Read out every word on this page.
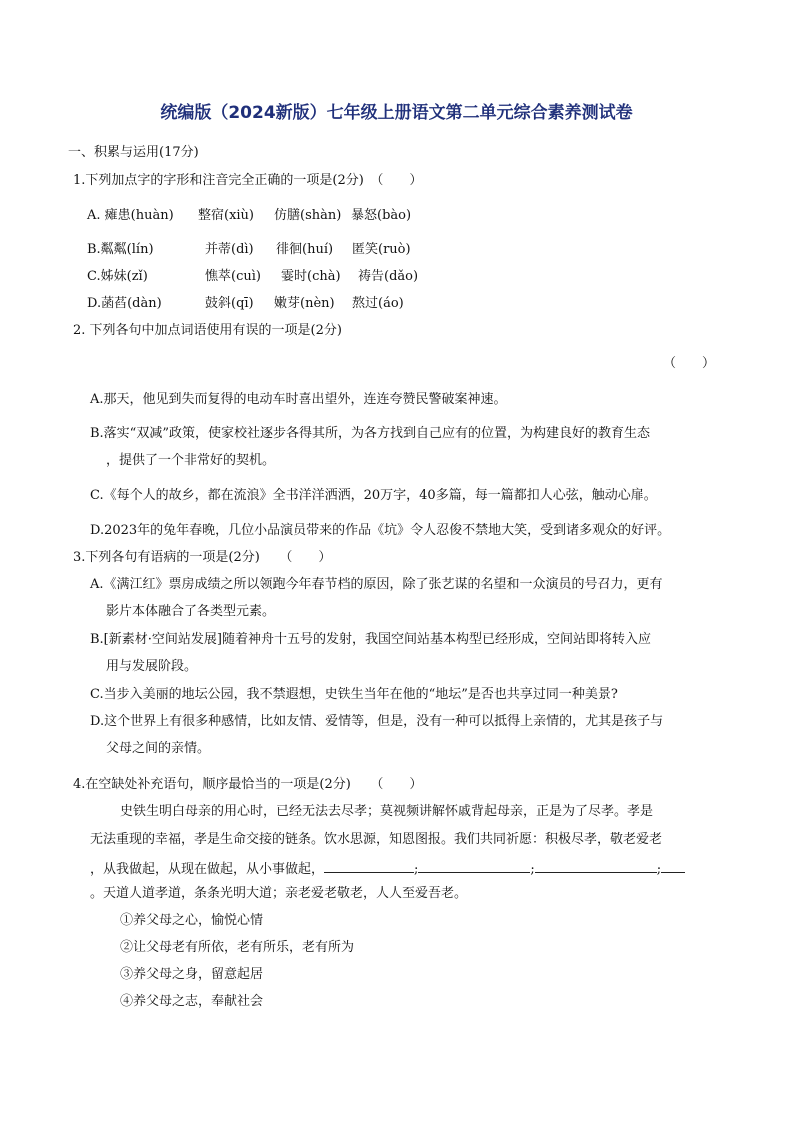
统编版（2024新版）七年级上册语文第二单元综合素养测试卷
一、积累与运用(17分)
1.下列加点字的字形和注音完全正确的一项是(2分)　（　　）
A. 瘫患(huàn) 整宿(xiù) 仿膳(shàn) 暴怒(bào)
B.粼粼(lín)	并蒂(dì) 徘徊(huí) 匿笑(ruò)
C.姊妹(zǐ)	憔萃(cuì) 霎时(chà) 祷告(dǎo)
D.菡萏(dàn)	鼓斜(qī) 嫩芽(nèn) 熬过(áo)
2. 下列各句中加点词语使用有误的一项是(2分)
（　　）
A.那天，他见到失而复得的电动车时喜出望外，连连夸赞民警破案神速。
B.落实“双减”政策，使家校社逐步各得其所，为各方找到自己应有的位置，为构建良好的教育生态
，提供了一个非常好的契机。
C.《每个人的故乡，都在流浪》全书洋洋洒洒，20万字，40多篇，每一篇都扣人心弦，触动心扉。
D.2023年的兔年春晚，几位小品演员带来的作品《坑》令人忍俊不禁地大笑，受到诸多观众的好评。
3.下列各句有语病的一项是(2分)　　（　　）
A.《满江红》票房成绩之所以领跑今年春节档的原因，除了张艺谋的名望和一众演员的号召力，更有
影片本体融合了各类型元素。
B.[新素材·空间站发展]随着神舟十五号的发射，我国空间站基本构型已经形成，空间站即将转入应
用与发展阶段。
C.当步入美丽的地坛公园，我不禁遐想，史铁生当年在他的“地坛”是否也共享过同一种美景?
D.这个世界上有很多种感情，比如友情、爱情等，但是，没有一种可以抵得上亲情的，尤其是孩子与
父母之间的亲情。
4.在空缺处补充语句，顺序最恰当的一项是(2分)　　（　　）
史铁生明白母亲的用心时，已经无法去尽孝；莫视频讲解怀戚背起母亲，正是为了尽孝。孝是
无法重现的幸福，孝是生命交接的链条。饮水思源，知恩图报。我们共同祈愿：积极尽孝，敬老爱老
，从我做起，从现在做起，从小事做起，	;	;	;
。天道人道孝道，条条光明大道；亲老爱老敬老，人人至爱吾老。
①养父母之心，愉悦心情
②让父母老有所依，老有所乐，老有所为
③养父母之身，留意起居
④养父母之志，奉献社会
